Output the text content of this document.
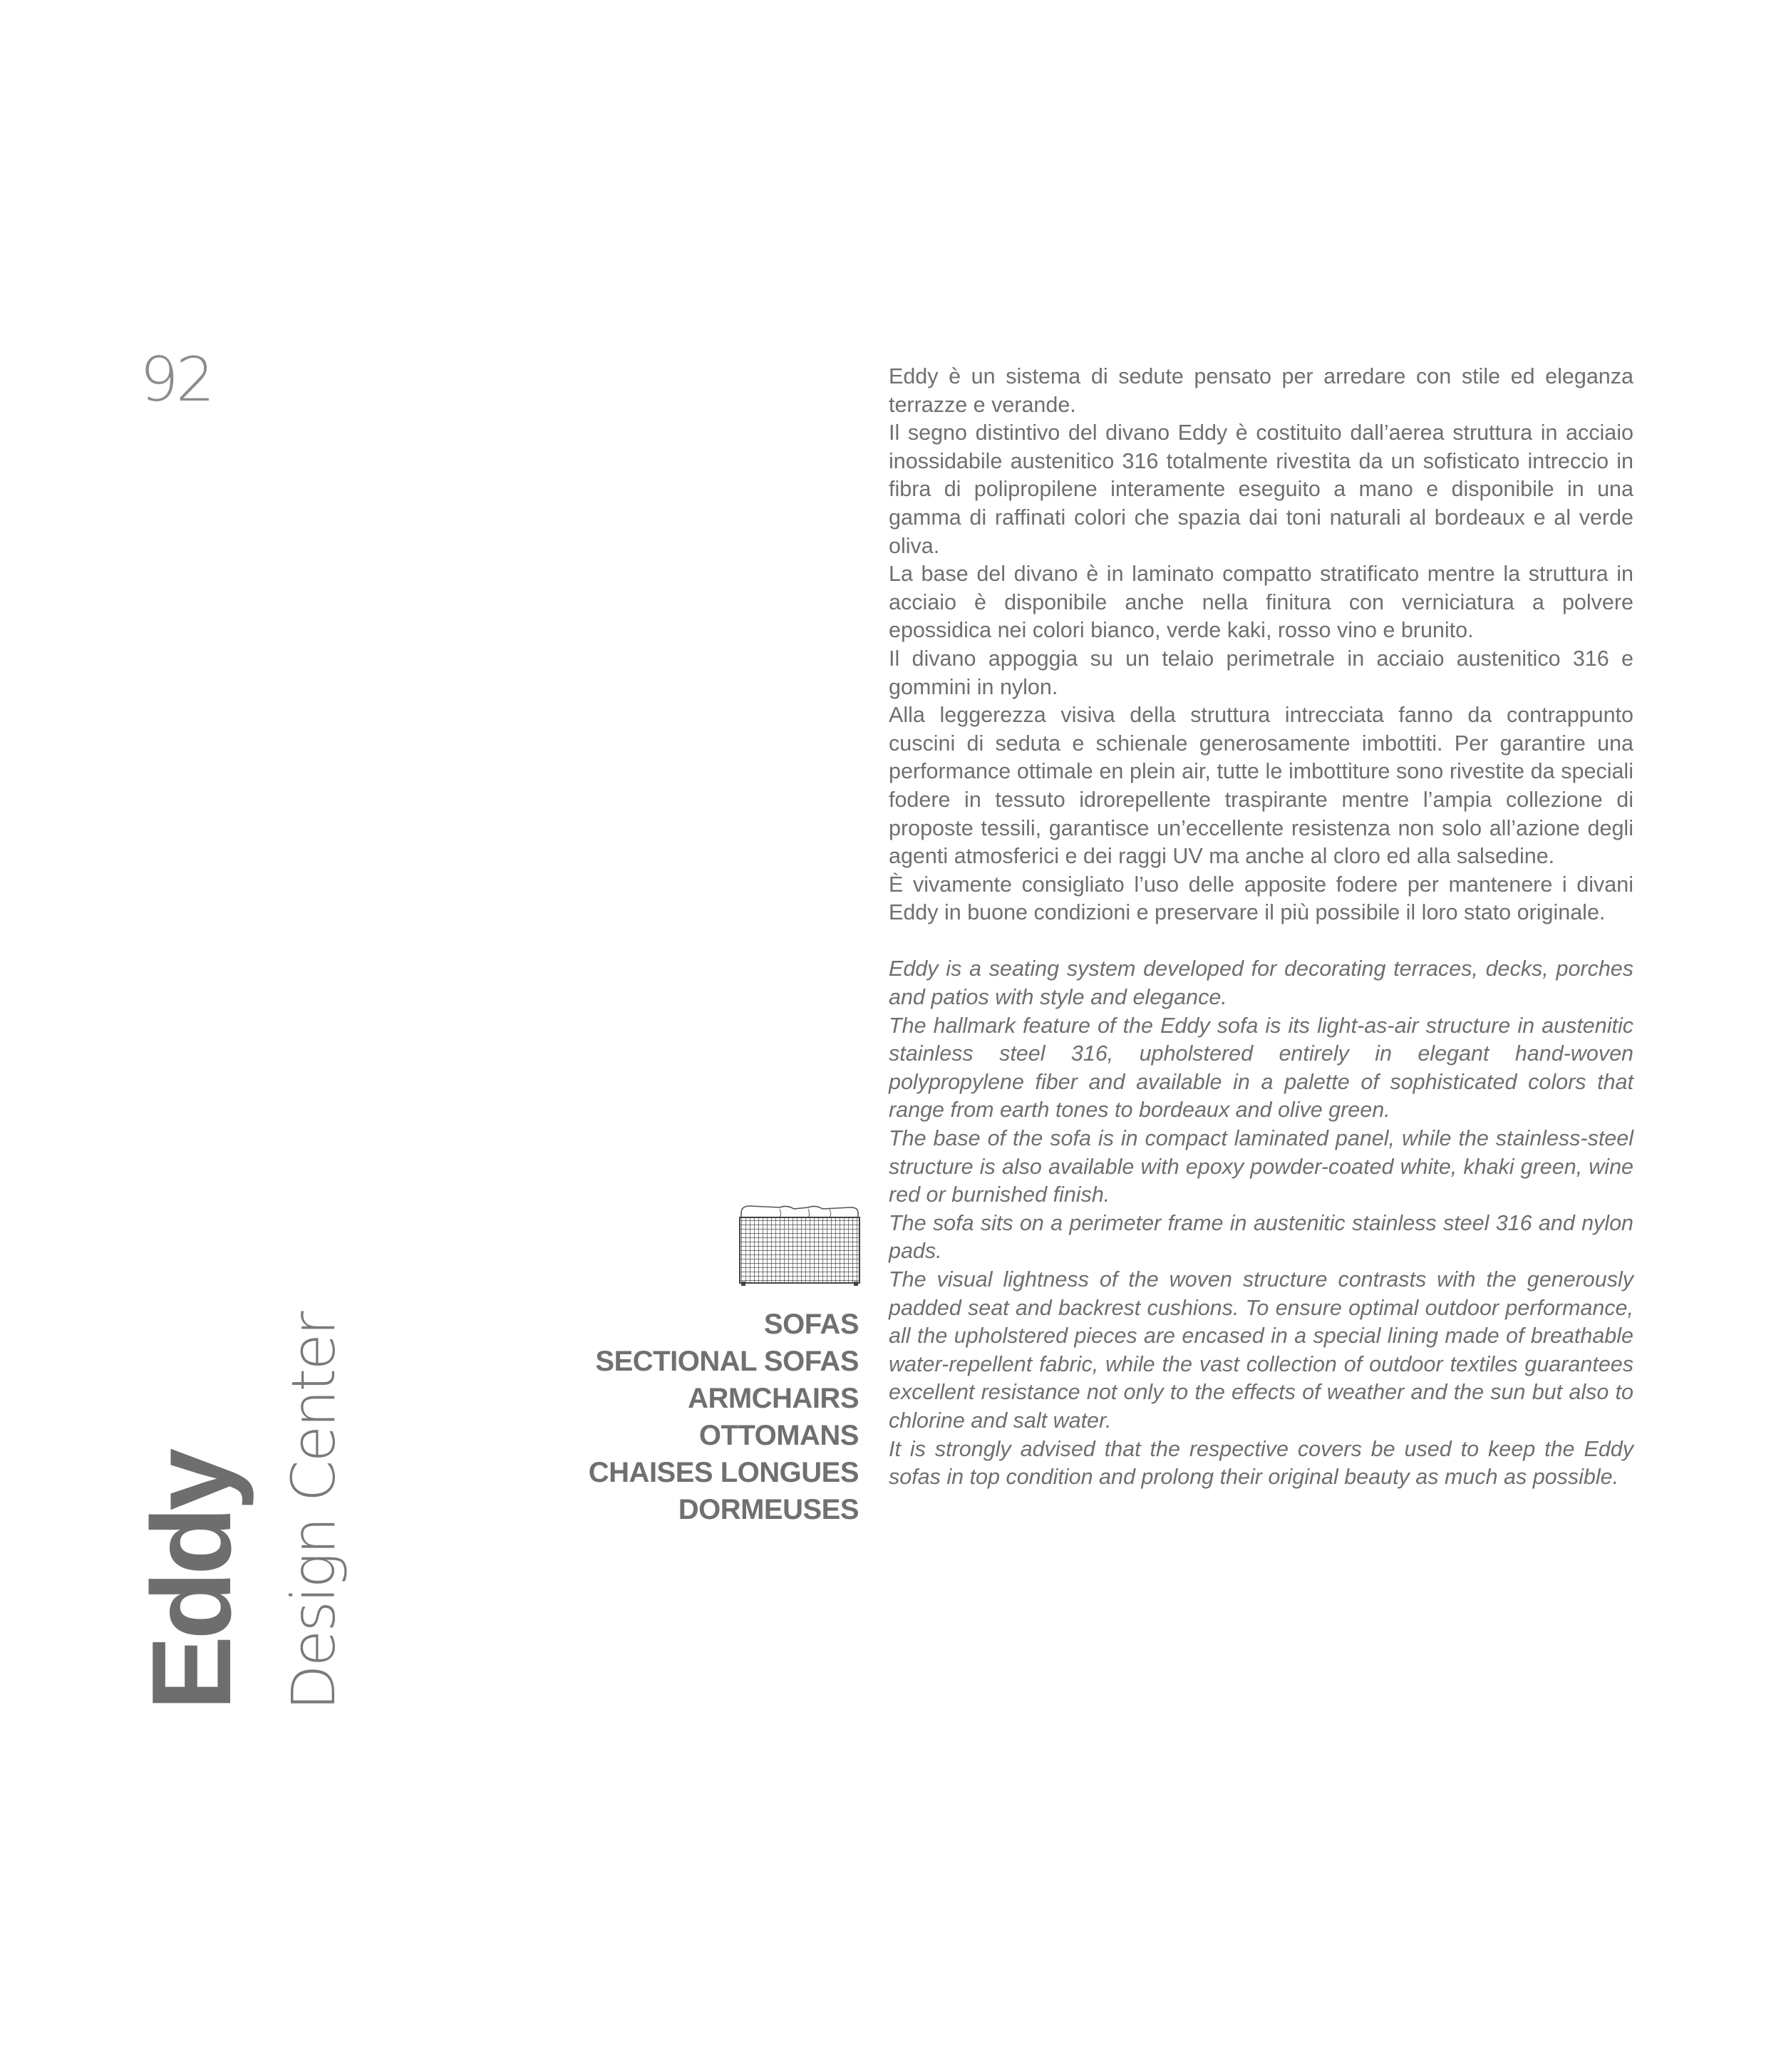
92
Eddy Design Center	SOFAS
SECTIONAL SOFAS
ARMCHAIRS
OTTOMANS
CHAISES LONGUES
DORMEUSES

Eddy è un sistema di sedute pensato per arredare con stile ed eleganza terrazze e verande.

Il segno distintivo del divano Eddy è costituito dall’aerea struttura in acciaio inossidabile austenitico 316 totalmente rivestita da un sofisticato intreccio in fibra di polipropilene interamente eseguito a mano e disponibile in una gamma di raffinati colori che spazia dai toni naturali al bordeaux e al verde oliva.

La base del divano è in laminato compatto stratificato mentre la struttura in acciaio è disponibile anche nella finitura con verniciatura a polvere epossidica nei colori bianco, verde kaki, rosso vino e brunito.

Il divano appoggia su un telaio perimetrale in acciaio austenitico 316 e gommini in nylon.

Alla leggerezza visiva della struttura intrecciata fanno da contrappunto cuscini di seduta e schienale generosamente imbottiti. Per garantire una performance ottimale en plein air, tutte le imbottiture sono rivestite da speciali fodere in tessuto idrorepellente traspirante mentre l’ampia collezione di proposte tessili, garantisce un’eccellente resistenza non solo all’azione degli agenti atmosferici e dei raggi UV ma anche al cloro ed alla salsedine.

È vivamente consigliato l’uso delle apposite fodere per mantenere i divani Eddy in buone condizioni e preservare il più possibile il loro stato originale.

Eddy is a seating system developed for decorating terraces, decks, porches and patios with style and elegance.

The hallmark feature of the Eddy sofa is its light-as-air structure in austenitic stainless steel 316, upholstered entirely in elegant hand-woven polypropylene fiber and available in a palette of sophisticated colors that range from earth tones to bordeaux and olive green.

The base of the sofa is in compact laminated panel, while the stainless-steel structure is also available with epoxy powder-coated white, khaki green, wine red or burnished finish.

The sofa sits on a perimeter frame in austenitic stainless steel 316 and nylon pads.

The visual lightness of the woven structure contrasts with the generously padded seat and backrest cushions. To ensure optimal outdoor performance, all the upholstered pieces are encased in a special lining made of breathable water-repellent fabric, while the vast collection of outdoor textiles guarantees excellent resistance not only to the effects of weather and the sun but also to chlorine and salt water.

It is strongly advised that the respective covers be used to keep the Eddy sofas in top condition and prolong their original beauty as much as possible.
